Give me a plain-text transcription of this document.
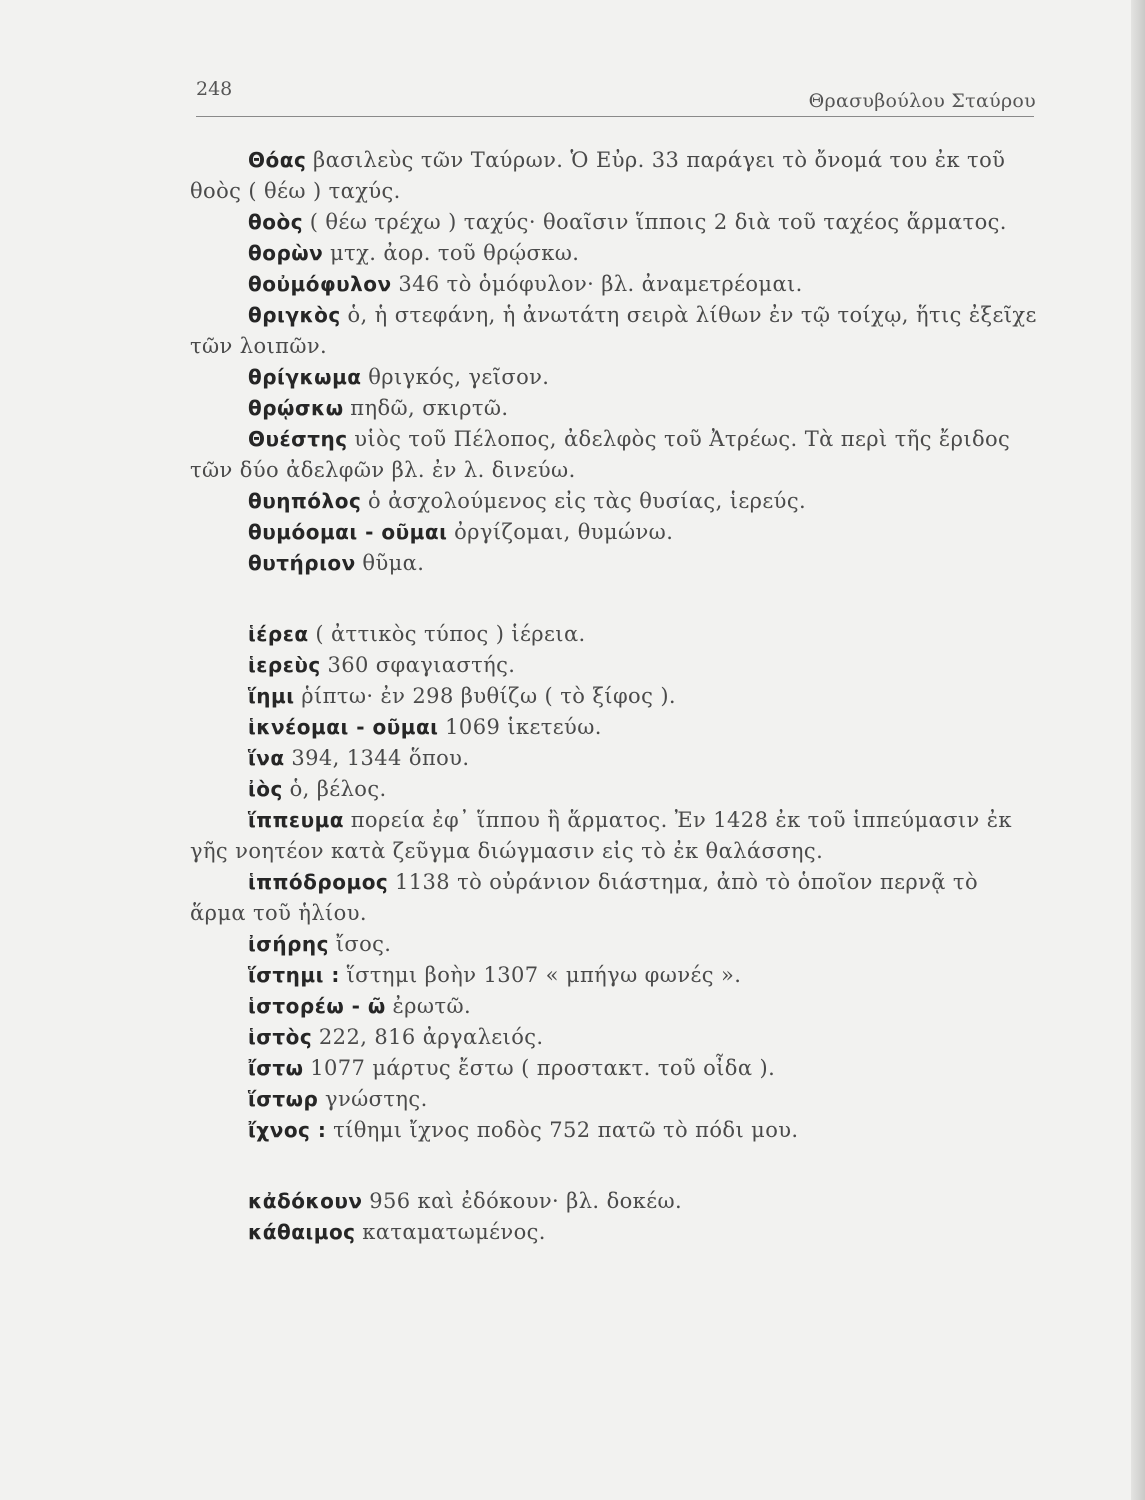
248
Θρασυβούλου Σταύρου

Θόας βασιλεὺς τῶν Ταύρων. Ὁ Εὐρ. 33 παράγει τὸ ὄνομά του ἐκ τοῦ θοὸς ( θέω ) ταχύς.

θοὸς ( θέω τρέχω ) ταχύς· θοαῖσιν ἵπποις 2 διὰ τοῦ ταχέος ἅρματος.

θορὼν μτχ. ἀορ. τοῦ θρῴσκω.

θοὐμόφυλον 346 τὸ ὁμόφυλον· βλ. ἀναμετρέομαι.

θριγκὸς ὁ, ἡ στεφάνη, ἡ ἀνωτάτη σειρὰ λίθων ἐν τῷ τοίχῳ, ἥτις ἐξεῖχε τῶν λοιπῶν.

θρίγκωμα θριγκός, γεῖσον.

θρῴσκω πηδῶ, σκιρτῶ.

Θυέστης υἱὸς τοῦ Πέλοπος, ἀδελφὸς τοῦ Ἀτρέως. Τὰ περὶ τῆς ἔριδος τῶν δύο ἀδελφῶν βλ. ἐν λ. δινεύω.

θυηπόλος ὁ ἀσχολούμενος εἰς τὰς θυσίας, ἱερεύς.

θυμόομαι - οῦμαι ὀργίζομαι, θυμώνω.

θυτήριον θῦμα.

ἱέρεα ( ἀττικὸς τύπος ) ἱέρεια.

ἱερεὺς 360 σφαγιαστής.

ἵημι ῥίπτω· ἐν 298 βυθίζω ( τὸ ξίφος ).

ἱκνέομαι - οῦμαι 1069 ἱκετεύω.

ἵνα 394, 1344 ὅπου.

ἰὸς ὁ, βέλος.

ἵππευμα πορεία ἐφ᾽ ἵππου ἢ ἅρματος. Ἐν 1428 ἐκ τοῦ ἱππεύμασιν ἐκ γῆς νοητέον κατὰ ζεῦγμα διώγμασιν εἰς τὸ ἐκ θαλάσσης.

ἱππόδρομος 1138 τὸ οὐράνιον διάστημα, ἀπὸ τὸ ὁποῖον περνᾷ τὸ ἅρμα τοῦ ἡλίου.

ἰσήρης ἴσος.

ἵστημι : ἵστημι βοὴν 1307 « μπήγω φωνές ».

ἱστορέω - ῶ ἐρωτῶ.

ἱστὸς 222, 816 ἀργαλειός.

ἴστω 1077 μάρτυς ἔστω ( προστακτ. τοῦ οἶδα ).

ἵστωρ γνώστης.

ἴχνος : τίθημι ἴχνος ποδὸς 752 πατῶ τὸ πόδι μου.

κἀδόκουν 956 καὶ ἐδόκουν· βλ. δοκέω.

κάθαιμος καταματωμένος.
